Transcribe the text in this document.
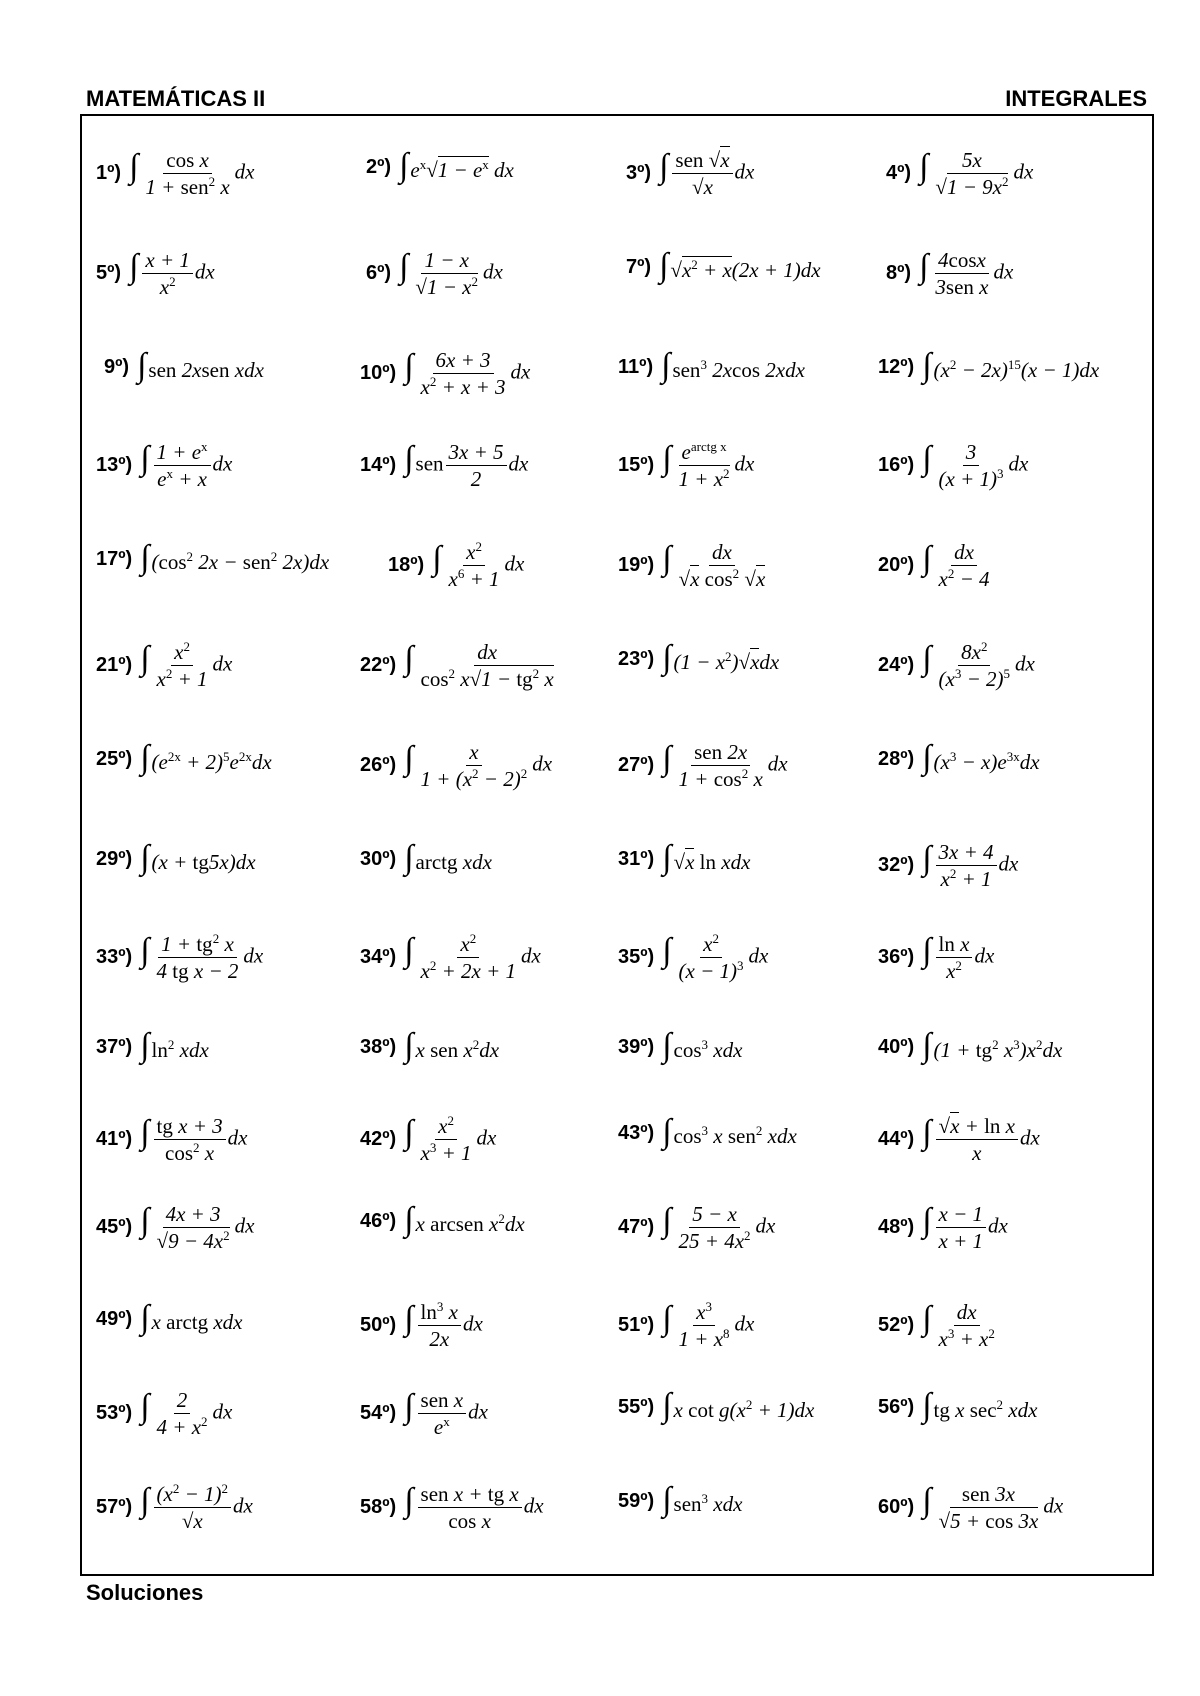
MATEMÁTICAS II	INTEGRALES
1º) ∫ $\frac{\text{cos x}}{1 + sen^2 x}$ dx	2º) $\int e^x√1 - e^x$ dx	3º) ∫ $\frac{\text{sen √x}}{√x}$ dx	4º) ∫ $\frac{5x}{√1 - 9x^2}$ dx
5º) ∫ $\frac{x + 1}{x^2}$ dx	6º) ∫ $\frac{1 - x}{√1 - x^2}$ dx	7º) $\int√x^2 + x(2x + 1)dx$	8º) ∫ $\frac{4\cos x}{\text{3sen x}}$ dx
9º) ∫sen 2xsen xdx	10º) ∫ $\frac{6x + 3}{x^2 + x + 3}$ dx	11º) ∫sen$^3$ 2xcos 2xdx	12º) $\int(x^2 - 2x)^{15}(x - 1)dx$
13º) ∫ $\frac{1 + e^x}{e^x + x}$ dx	14º) $\int sen \frac{3x + 5}{2}$ dx	15º) ∫ $\frac{e^{arctg x}}{1 + x^2}$ dx	16º) ∫ $\frac{3}{(x + 1)^3}$ dx
17º) $\int(\cos^2$ 2x − sen$^2$ 2x)dx	18º) ∫ $\frac{x^2}{x^6 + 1}$ dx	19º) ∫ $\frac{dx}{√x \cos^2 √x}$	20º) ∫ $\frac{dx}{x^2 - 4}$
21º) ∫ $\frac{x^2}{x^2 + 1}$ dx	22º) ∫ $\frac{dx}{\cos^2 x√1 - tg^2 x}$	23º) $\int(1 - x^2)√xdx$	24º) ∫ $\frac{8x^2}{(x^3 - 2)^5}$ dx
25º) $\int(e^{2x} + 2)^5e^{2x}dx$	26º) ∫ $\frac{x}{1 + (x^2 - 2)^2}$ dx	27º) ∫ $\frac{\text{sen 2x}}{1 + \cos^2 x}$ dx	28º) $\int(x^3 - x)e^{3x}dx$
29º) ∫(x + tg5x)dx	30º) ∫arctg xdx	31º) ∫√x ln xdx	32º) ∫ $\frac{3x + 4}{x^2 + 1}$ dx
33º) ∫ $\frac{1 + tg^2 x}{\text{4 tg x − 2}}$ dx	34º) ∫ $\frac{x^2}{x^2 + 2x + 1}$ dx	35º) ∫ $\frac{x^2}{(x - 1)^3}$ dx	36º) ∫ $\frac{\text{ln x}}{x^2}$ dx
37º) $\int\ln^2$ xdx	38º) ∫x sen $x^2dx$	39º) $\int\cos^3$ xdx	40º) $\int(1 + tg^2$ $x^3)x^2dx$
41º) ∫ $\frac{\text{tg x + 3}}{\cos^2 x}$ dx	42º) ∫ $\frac{x^2}{x^3 + 1}$ dx	43º) $\int\cos^3$ x sen$^2$ xdx	44º) ∫ $\frac{\text{√x + ln x}}{x}$ dx
45º) ∫ $\frac{4x + 3}{√9 - 4x^2}$ dx	46º) ∫x arcsen $x^2dx$	47º) ∫ $\frac{5 - x}{25 + 4x^2}$ dx	48º) ∫ $\frac{x - 1}{x + 1}$ dx
49º) ∫x arctg xdx	50º) ∫ $\frac{\ln^3 x}{2x}$ dx	51º) ∫ $\frac{x^3}{1 + x^8}$ dx	52º) ∫ $\frac{dx}{x^3 + x^2}$
53º) ∫ $\frac{2}{4 + x^2}$ dx	54º) ∫ $\frac{\text{sen x}}{e^x}$ dx	55º) ∫x $\cot g(x^2 + 1)dx$	56º) ∫tg x $\sec^2$ xdx
57º) ∫ $\frac{(x^2 - 1)^2}{√x}$ dx	58º) ∫ $\frac{\text{sen x + tg x}}{\text{cos x}}$ dx	59º) ∫sen$^3$ xdx	60º) ∫ $\frac{\text{sen 3x}}{√5 + \cos 3x}$ dx
Soluciones
